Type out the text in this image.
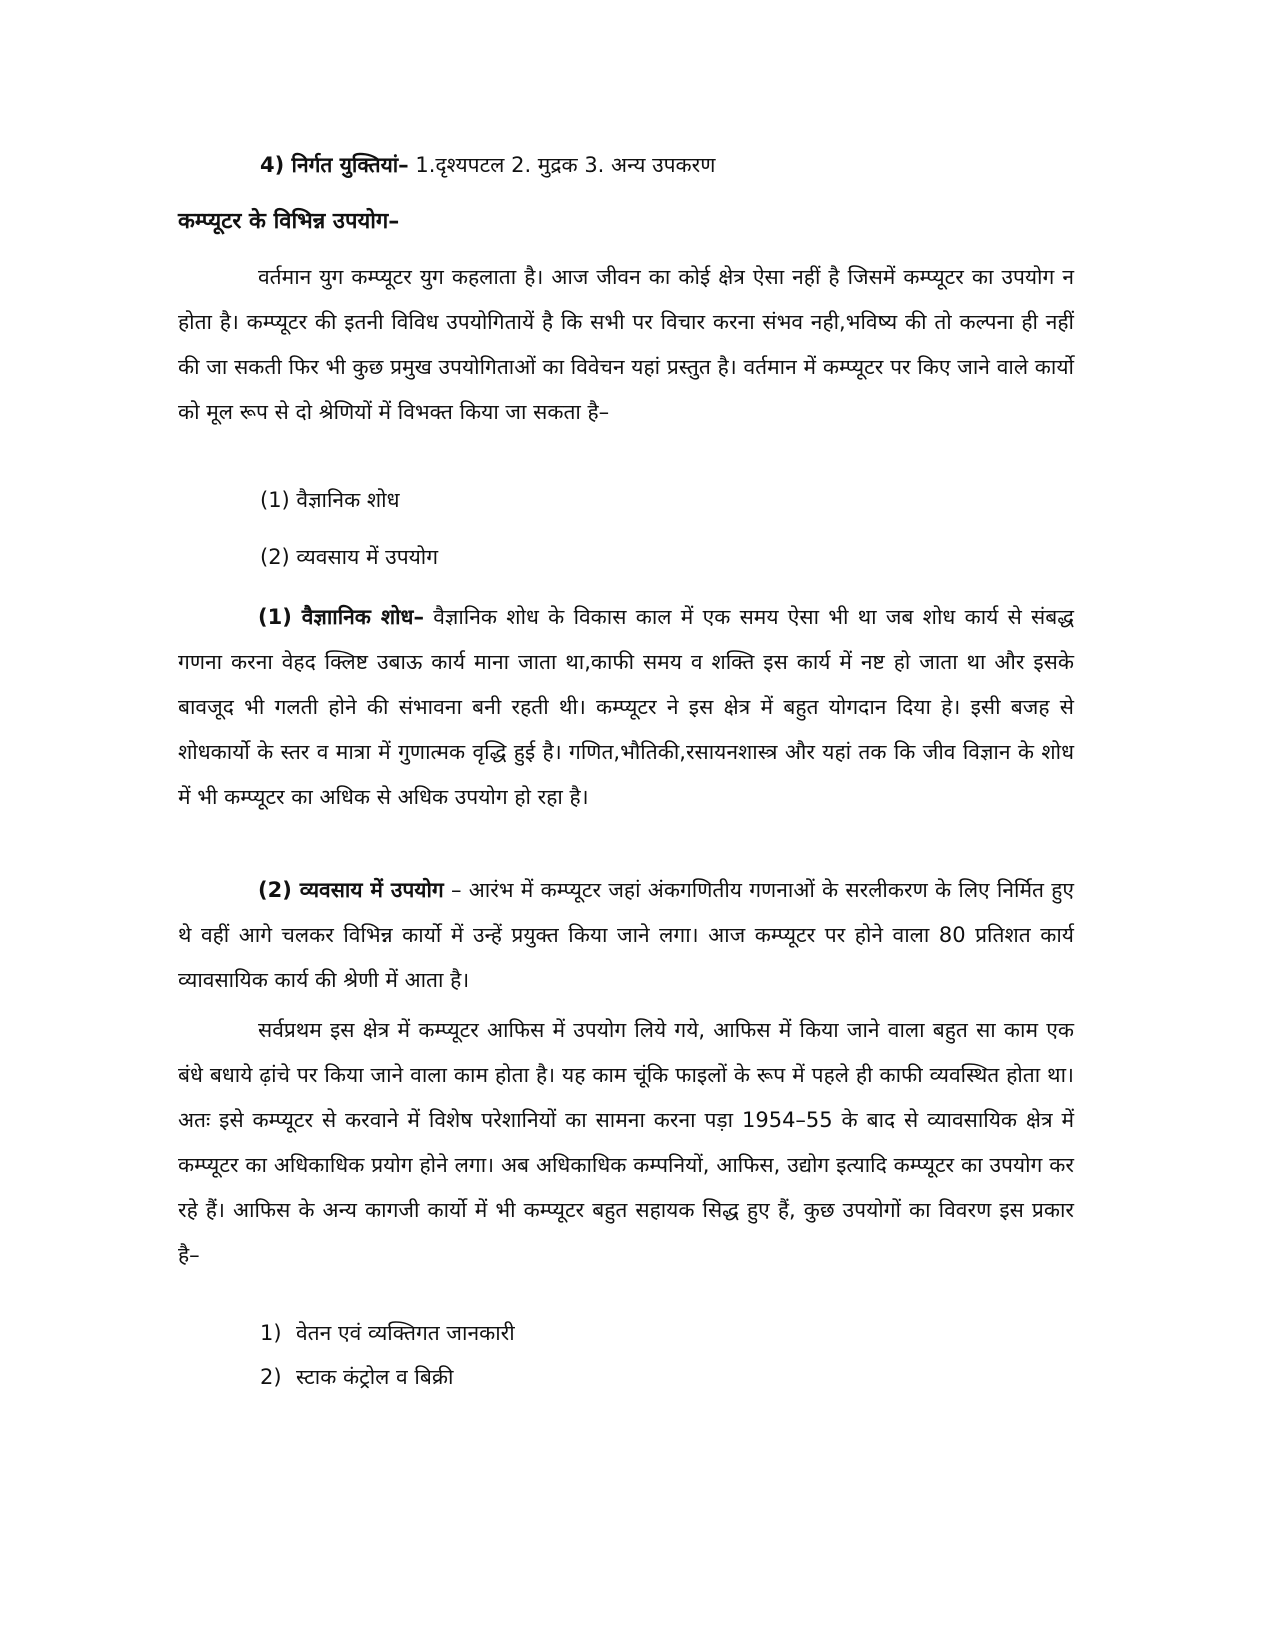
4) निर्गत युक्तियां– 1.दृश्यपटल 2. मुद्रक 3. अन्य उपकरण
कम्प्यूटर के विभिन्न उपयोग–
वर्तमान युग कम्प्यूटर युग कहलाता है। आज जीवन का कोई क्षेत्र ऐसा नहीं है जिसमें कम्प्यूटर का उपयोग न होता है। कम्प्यूटर की इतनी विविध उपयोगितायें है कि सभी पर विचार करना संभव नही,भविष्य की तो कल्पना ही नहीं की जा सकती फिर भी कुछ प्रमुख उपयोगिताओं का विवेचन यहां प्रस्तुत है। वर्तमान में कम्प्यूटर पर किए जाने वाले कार्यो को मूल रूप से दो श्रेणियों में विभक्त किया जा सकता है–
(1) वैज्ञानिक शोध
(2) व्यवसाय में उपयोग
(1) वैज्ञाानिक शोध– वैज्ञानिक शोध के विकास काल में एक समय ऐसा भी था जब शोध कार्य से संबद्ध गणना करना वेहद क्लिष्ट उबाऊ कार्य माना जाता था,काफी समय व शक्ति इस कार्य में नष्ट हो जाता था और इसके बावजूद भी गलती होने की संभावना बनी रहती थी। कम्प्यूटर ने इस क्षेत्र में बहुत योगदान दिया हे। इसी बजह से शोधकार्यो के स्तर व मात्रा में गुणात्मक वृद्धि हुई है। गणित,भौतिकी,रसायनशास्त्र और यहां तक कि जीव विज्ञान के शोध में भी कम्प्यूटर का अधिक से अधिक उपयोग हो रहा है।
(2) व्यवसाय में उपयोग – आरंभ में कम्प्यूटर जहां अंकगणितीय गणनाओं के सरलीकरण के लिए निर्मित हुए थे वहीं आगे चलकर विभिन्न कार्यो में उन्हें प्रयुक्त किया जाने लगा। आज कम्प्यूटर पर होने वाला 80 प्रतिशत कार्य व्यावसायिक कार्य की श्रेणी में आता है।
सर्वप्रथम इस क्षेत्र में कम्प्यूटर आफिस में उपयोग लिये गये, आफिस में किया जाने वाला बहुत सा काम एक बंधे बधाये ढ़ांचे पर किया जाने वाला काम होता है। यह काम चूंकि फाइलों के रूप में पहले ही काफी व्यवस्थित होता था। अतः इसे कम्प्यूटर से करवाने में विशेष परेशानियों का सामना करना पड़ा 1954–55 के बाद से व्यावसायिक क्षेत्र में कम्प्यूटर का अधिकाधिक प्रयोग होने लगा। अब अधिकाधिक कम्पनियों, आफिस, उद्योग इत्यादि कम्प्यूटर का उपयोग कर रहे हैं। आफिस के अन्य कागजी कार्यो में भी कम्प्यूटर बहुत सहायक सिद्ध हुए हैं, कुछ उपयोगों का विवरण इस प्रकार है–
1) वेतन एवं व्यक्तिगत जानकारी
2) स्टाक कंट्रोल व बिक्री
